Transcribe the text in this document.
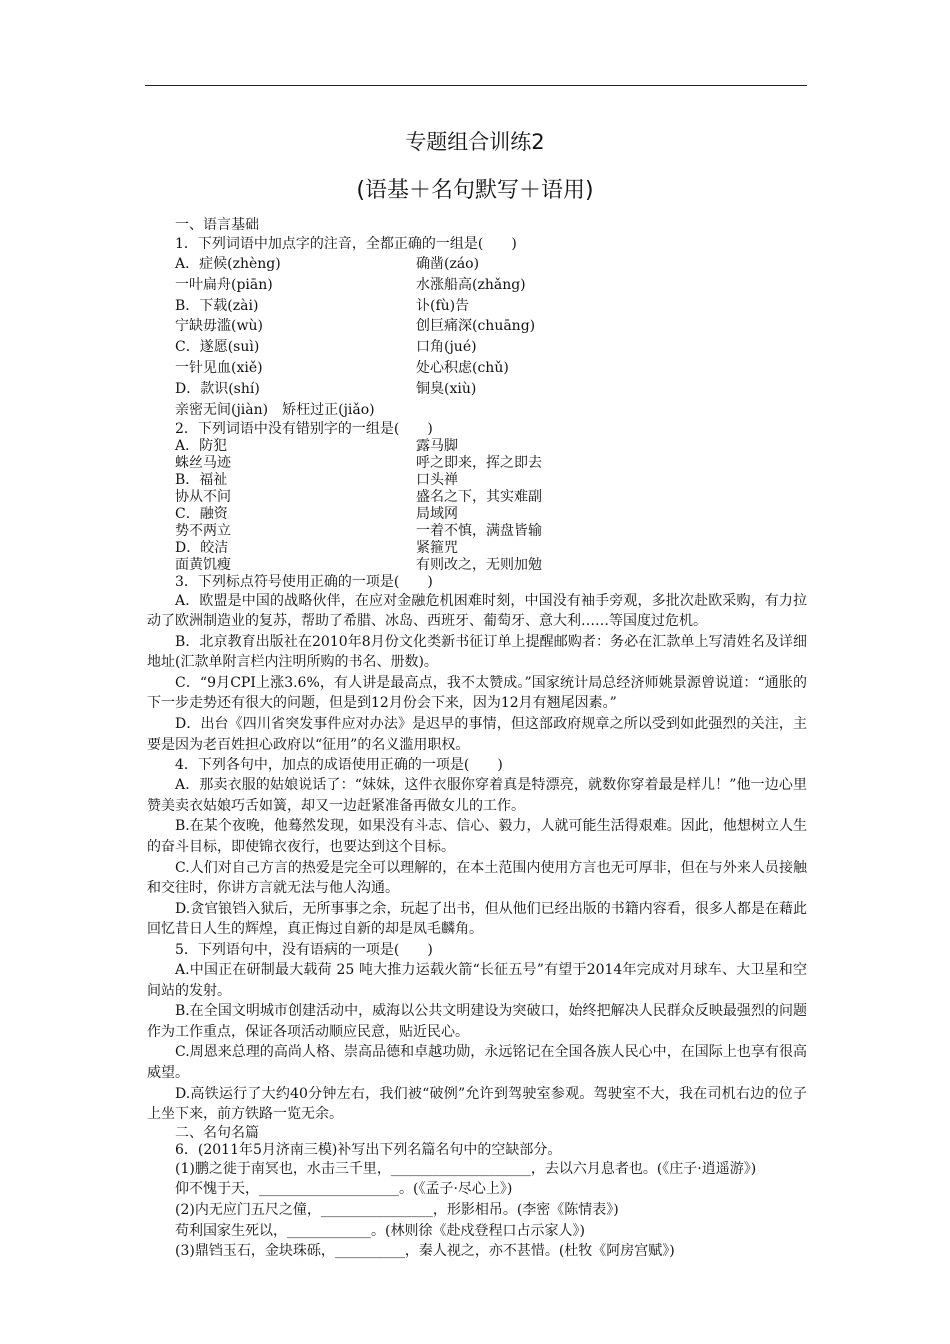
专题组合训练2
(语基＋名句默写＋语用)
一、语言基础
1．下列词语中加点字的注音，全都正确的一组是(　　)
A．症候(zhèng)	确凿(záo)
一叶扁舟(piān)	水涨船高(zhǎng)
B．下载(zài)	讣(fù)告
宁缺毋滥(wù)	创巨痛深(chuāng)
C．遂愿(suì)	口角(jué)
一针见血(xiě)	处心积虑(chǔ)
D．款识(shí)	铜臭(xiù)
亲密无间(jiàn)　矫枉过正(jiǎo)
2．下列词语中没有错别字的一组是(　　)
A．防犯	露马脚
蛛丝马迹	呼之即来，挥之即去
B．福祉	口头禅
协从不问	盛名之下，其实难副
C．融资	局域网
势不两立	一着不慎，满盘皆输
D．皎洁	紧箍咒
面黄饥瘦	有则改之，无则加勉
3．下列标点符号使用正确的一项是(　　)
A．欧盟是中国的战略伙伴，在应对金融危机困难时刻，中国没有袖手旁观，多批次赴欧采购，有力拉动了欧洲制造业的复苏，帮助了希腊、冰岛、西班牙、葡萄牙、意大利……等国度过危机。
B．北京教育出版社在2010年8月份文化类新书征订单上提醒邮购者：务必在汇款单上写清姓名及详细地址(汇款单附言栏内注明所购的书名、册数)。
C．“9月CPI上涨3.6%，有人讲是最高点，我不太赞成。”国家统计局总经济师姚景源曾说道：“通胀的下一步走势还有很大的问题，但是到12月份会下来，因为12月有翘尾因素。”
D．出台《四川省突发事件应对办法》是迟早的事情，但这部政府规章之所以受到如此强烈的关注，主要是因为老百姓担心政府以“征用”的名义滥用职权。
4．下列各句中，加点的成语使用正确的一项是(　　)
A．那卖衣服的姑娘说话了：“妹妹，这件衣服你穿着真是特漂亮，就数你穿着最是样儿！”他一边心里赞美卖衣姑娘巧舌如簧，却又一边赶紧准备再做女儿的工作。
B.在某个夜晚，他蓦然发现，如果没有斗志、信心、毅力，人就可能生活得艰难。因此，他想树立人生的奋斗目标，即使锦衣夜行，也要达到这个目标。
C.人们对自己方言的热爱是完全可以理解的，在本土范围内使用方言也无可厚非，但在与外来人员接触和交往时，你讲方言就无法与他人沟通。
D.贪官锒铛入狱后，无所事事之余，玩起了出书，但从他们已经出版的书籍内容看，很多人都是在藉此回忆昔日人生的辉煌，真正悔过自新的却是凤毛麟角。
5．下列语句中，没有语病的一项是(　　)
A.中国正在研制最大载荷 25 吨大推力运载火箭“长征五号”有望于2014年完成对月球车、大卫星和空间站的发射。
B.在全国文明城市创建活动中，威海以公共文明建设为突破口，始终把解决人民群众反映最强烈的问题作为工作重点，保证各项活动顺应民意，贴近民心。
C.周恩来总理的高尚人格、崇高品德和卓越功勋，永远铭记在全国各族人民心中，在国际上也享有很高威望。
D.高铁运行了大约40分钟左右，我们被“破例”允许到驾驶室参观。驾驶室不大，我在司机右边的位子上坐下来，前方铁路一览无余。
二、名句名篇
6．(2011年5月济南三模)补写出下列名篇名句中的空缺部分。
(1)鹏之徙于南冥也，水击三千里，____________________，去以六月息者也。(《庄子·逍遥游》)
仰不愧于天，____________________。(《孟子·尽心上》)
(2)内无应门五尺之僮，________________，形影相吊。(李密《陈情表》)
苟利国家生死以，____________。(林则徐《赴戍登程口占示家人》)
(3)鼎铛玉石，金块珠砾，__________，秦人视之，亦不甚惜。(杜牧《阿房宫赋》)
